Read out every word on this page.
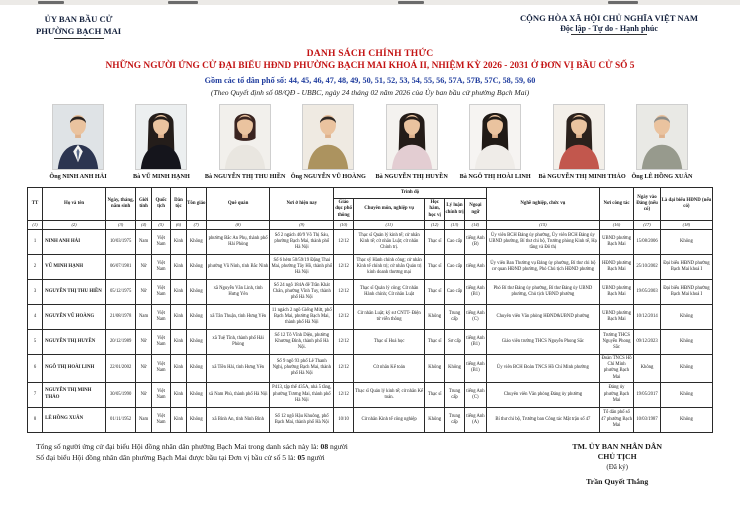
ỦY BAN BẦU CỬ
PHƯỜNG BẠCH MAI
CỘNG HÒA XÃ HỘI CHỦ NGHĨA VIỆT NAM
Độc lập - Tự do - Hạnh phúc
DANH SÁCH CHÍNH THỨC
NHỮNG NGƯỜI ỨNG CỬ ĐẠI BIỂU HĐND PHƯỜNG BẠCH MAI KHOÁ II, NHIỆM KỲ 2026 - 2031 Ở ĐƠN VỊ BẦU CỬ SỐ 5
Gồm các tổ dân phố số: 44, 45, 46, 47, 48, 49, 50, 51, 52, 53, 54, 55, 56, 57A, 57B, 57C, 58, 59, 60
(Theo Quyết định số 08/QĐ - UBBC, ngày 24 tháng 02 năm 2026 của Ủy ban bầu cử phường Bạch Mai)
Ông NINH ANH HẢI	Bà VŨ MINH HẠNH	Bà NGUYỄN THỊ THU HIỀN Ông NGUYỄN VŨ HOÀNG	Bà NGUYỄN THỊ HUYỀN	Bà NGÔ THỊ HOÀI LINH	Bà NGUYỄN THỊ MINH THẢO Ông LÊ HỒNG XUÂN
TT	Họ và tên	Ngày, tháng, năm sinh	Giới tính	Quốc tịch	Dân tộc	Tôn giáo	Quê quán	Nơi ở hiện nay	Trình độ					Nghề nghiệp, chức vụ	Nơi công tác	Ngày vào Đảng (nếu có)	Là đại biểu HĐND (nếu có)
									Giáo dục phổ thông	Chuyên môn, nghiệp vụ	Học hàm, học vị	Lý luận chính trị	Ngoại ngữ				
(1)	(2)	(3)	(4)	(5)	(6)	(7)	(8)	(9)	(10)	(11)	(12)	(13)	(14)	(15)	(16)	(17)	(18)
1	NINH ANH HẢI	10/03/1975	Nam	Việt Nam	Kinh	Không	phường Bắc An Phụ, thành phố Hải Phòng	Số 2 ngách 40/9 Võ Thị Sáu, phường Bạch Mai, thành phố Hà Nội	12/12	Thạc sĩ Quản lý kinh tế; cử nhân Kinh tế; cử nhân Luật; cử nhân Chính trị.	Thạc sĩ	Cao cấp	tiếng Anh (B)	Ủy viên BCH Đảng ủy phường, Ủy viên BCH Đảng ủy UBND phường, Bí thư chi bộ, Trưởng phòng Kinh tế, Hạ tầng và Đô thị	UBND phường Bạch Mai	15/08/2006	Không
2	VŨ MINH HẠNH	06/07/1981	Nữ	Việt Nam	Kinh	Không	phường Vũ Ninh, tỉnh Bắc Ninh	Số 6 hẻm 50/59/19 Đặng Thai Mai, phường Tây Hồ, thành phố Hà Nội	12/12	Thạc sỹ Hành chính công; cử nhân Kinh tế chính trị; cử nhân Quản trị kinh doanh thương mại	Thạc sĩ	Cao cấp	tiếng Anh	Ủy viên Ban Thường vụ Đảng ủy phường, Bí thư chi bộ cơ quan HĐND phường, Phó Chủ tịch HĐND phường	HĐND phường Bạch Mai	25/10/2002	Đại biểu HĐND phường Bạch Mai khoá I
3	NGUYỄN THỊ THU HIỀN	05/12/1975	Nữ	Việt Nam	Kinh	Không	xã Nguyễn Văn Linh, tỉnh Hưng Yên	Số 24 ngõ 184A đê Trần Khát Chân, phường Vĩnh Tuy, thành phố Hà Nội	12/12	Thạc sĩ Quản lý công; Cử nhân Hành chính; Cử nhân Luật	Thạc sĩ	Cao cấp	tiếng Anh (B1)	Phó Bí thư Đảng ủy phường, Bí thư Đảng ủy UBND phường, Chủ tịch UBND phường	UBND phường Bạch Mai	19/05/2003	Đại biểu HĐND phường Bạch Mai khoá I
4	NGUYỄN VŨ HOÀNG	21/08/1978	Nam	Việt Nam	Kinh	Không	xã Tân Thuận, tỉnh Hưng Yên	11 ngách 2 ngõ Giếng Mứt, phố Bạch Mai, phường Bạch Mai, thành phố Hà Nội	12/12	Cử nhân Luật; kỹ sư CNTT- Điện tử viễn thông	Không	Trung cấp	tiếng Anh (C)	Chuyên viên Văn phòng HĐND&UBND phường	UBND phường Bạch Mai	10/12/2014	Không
5	NGUYỄN THỊ HUYỀN	20/12/1989	Nữ	Việt Nam	Kinh	Không	xã Tuệ Tĩnh, thành phố Hải Phòng	Số 12 Tô Vĩnh Diện, phường Khương Đình, thành phố Hà Nội.	12/12	Thạc sĩ Hoá học	Thạc sĩ	Sơ cấp	tiếng Anh (B1)	Giáo viên trường THCS Nguyễn Phong Sắc	Trường THCS Nguyễn Phong Sắc	09/12/2023	Không
6	NGÔ THỊ HOÀI LINH	22/01/2002	Nữ	Việt Nam	Kinh	Không	xã Tiền Hải, tỉnh Hưng Yên	Số 9 ngõ 93 phố Lê Thanh Nghị, phường Bạch Mai, thành phố Hà Nội	12/12	Cử nhân Kế toán	Không	Không	tiếng Anh (B1)	Ủy viên BCH Đoàn TNCS Hồ Chí Minh phường	Đoàn TNCS Hồ Chí Minh phường Bạch Mai	Không	Không
7	NGUYỄN THỊ MINH THẢO	30/05/1990	Nữ	Việt Nam	Kinh	Không	xã Nam Phù, thành phố Hà Nội	P413, tập thể 435A, nhà 5 tầng, phường Tương Mai, thành phố Hà Nội	12/12	Thạc sĩ Quản lý kinh tế; cử nhân Kế toán.	Thạc sĩ	Trung cấp	tiếng Anh (C)	Chuyên viên Văn phòng Đảng ủy phường	Đảng ủy phường Bạch Mai	19/05/2017	Không
8	LÊ HỒNG XUÂN	01/11/1952	Nam	Việt Nam	Kinh	Không	xã Bình An, tỉnh Ninh Bình	Số 12 ngõ Hậu Khuông, phố Bạch Mai, thành phố Hà Nội	10/10	Cử nhân Kinh tế công nghiệp	Không	Trung cấp	tiếng Anh (A)	Bí thư chi bộ, Trưởng ban Công tác Mặt trận số 47	Tổ dân phố số 47 phường Bạch Mai	10/03/1987	Không
Tổng số người ứng cử đại biểu Hội đồng nhân dân phường Bạch Mai trong danh sách này là: 08 người
Số đại biểu Hội đồng nhân dân phường Bạch Mai được bầu tại Đơn vị bầu cử số 5 là: 05 người
TM. ỦY BAN NHÂN DÂN
CHỦ TỊCH
(Đã ký)
Trần Quyết Thắng
